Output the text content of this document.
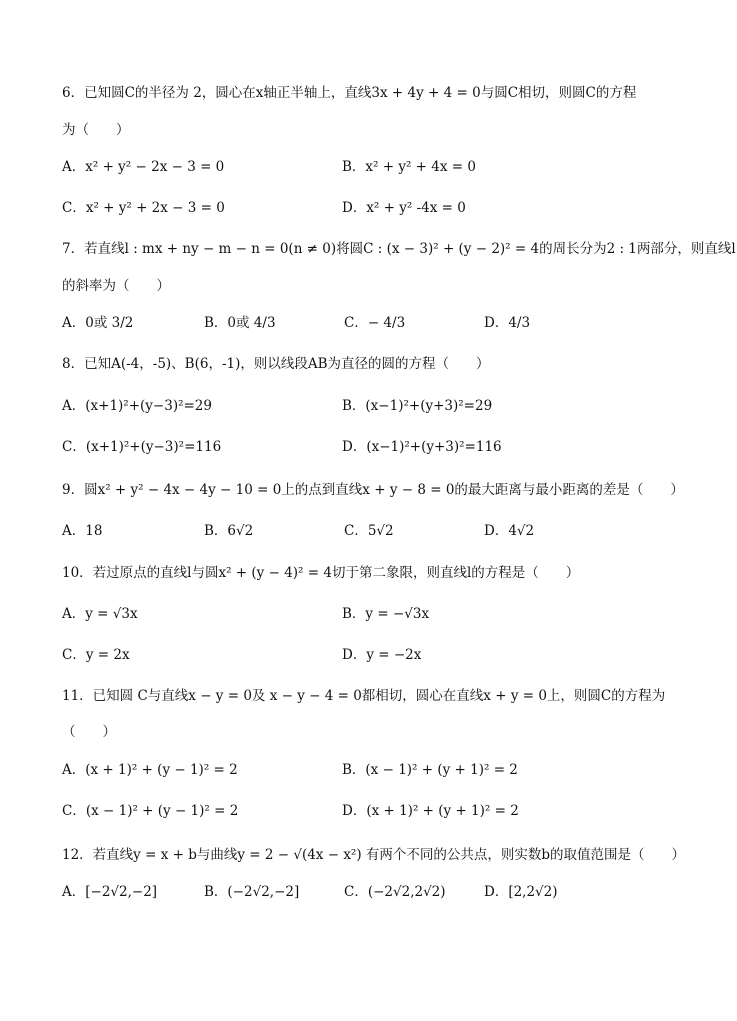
6．已知圆C的半径为 2，圆心在x轴正半轴上，直线3x + 4y + 4 = 0与圆C相切，则圆C的方程
为（　　）
A．x² + y² − 2x − 3 = 0	B．x² + y² + 4x = 0
C．x² + y² + 2x − 3 = 0	D．x² + y² -4x = 0
7．若直线l : mx + ny − m − n = 0(n ≠ 0)将圆C : (x − 3)² + (y − 2)² = 4的周长分为2 : 1两部分，则直线l
的斜率为（　　）
A．0或 3/2	B．0或 4/3	C．− 4/3	D．4/3
8．已知A(-4，-5)、B(6，-1)，则以线段AB为直径的圆的方程（　　）
A．(x+1)²+(y−3)²=29	B．(x−1)²+(y+3)²=29
C．(x+1)²+(y−3)²=116	D．(x−1)²+(y+3)²=116
9．圆x² + y² − 4x − 4y − 10 = 0上的点到直线x + y − 8 = 0的最大距离与最小距离的差是（　　）
A．18	B．6√2	C．5√2	D．4√2
10．若过原点的直线l与圆x² + (y − 4)² = 4切于第二象限，则直线l的方程是（　　）
A．y = √3x	B．y = −√3x
C．y = 2x	D．y = −2x
11．已知圆 C与直线x − y = 0及 x − y − 4 = 0都相切，圆心在直线x + y = 0上，则圆C的方程为
（　　）
A．(x + 1)² + (y − 1)² = 2	B．(x − 1)² + (y + 1)² = 2
C．(x − 1)² + (y − 1)² = 2	D．(x + 1)² + (y + 1)² = 2
12．若直线y = x + b与曲线y = 2 − √(4x − x²) 有两个不同的公共点，则实数b的取值范围是（　　）
A．[−2√2,−2]	B．(−2√2,−2]	C．(−2√2,2√2)	D．[2,2√2)
